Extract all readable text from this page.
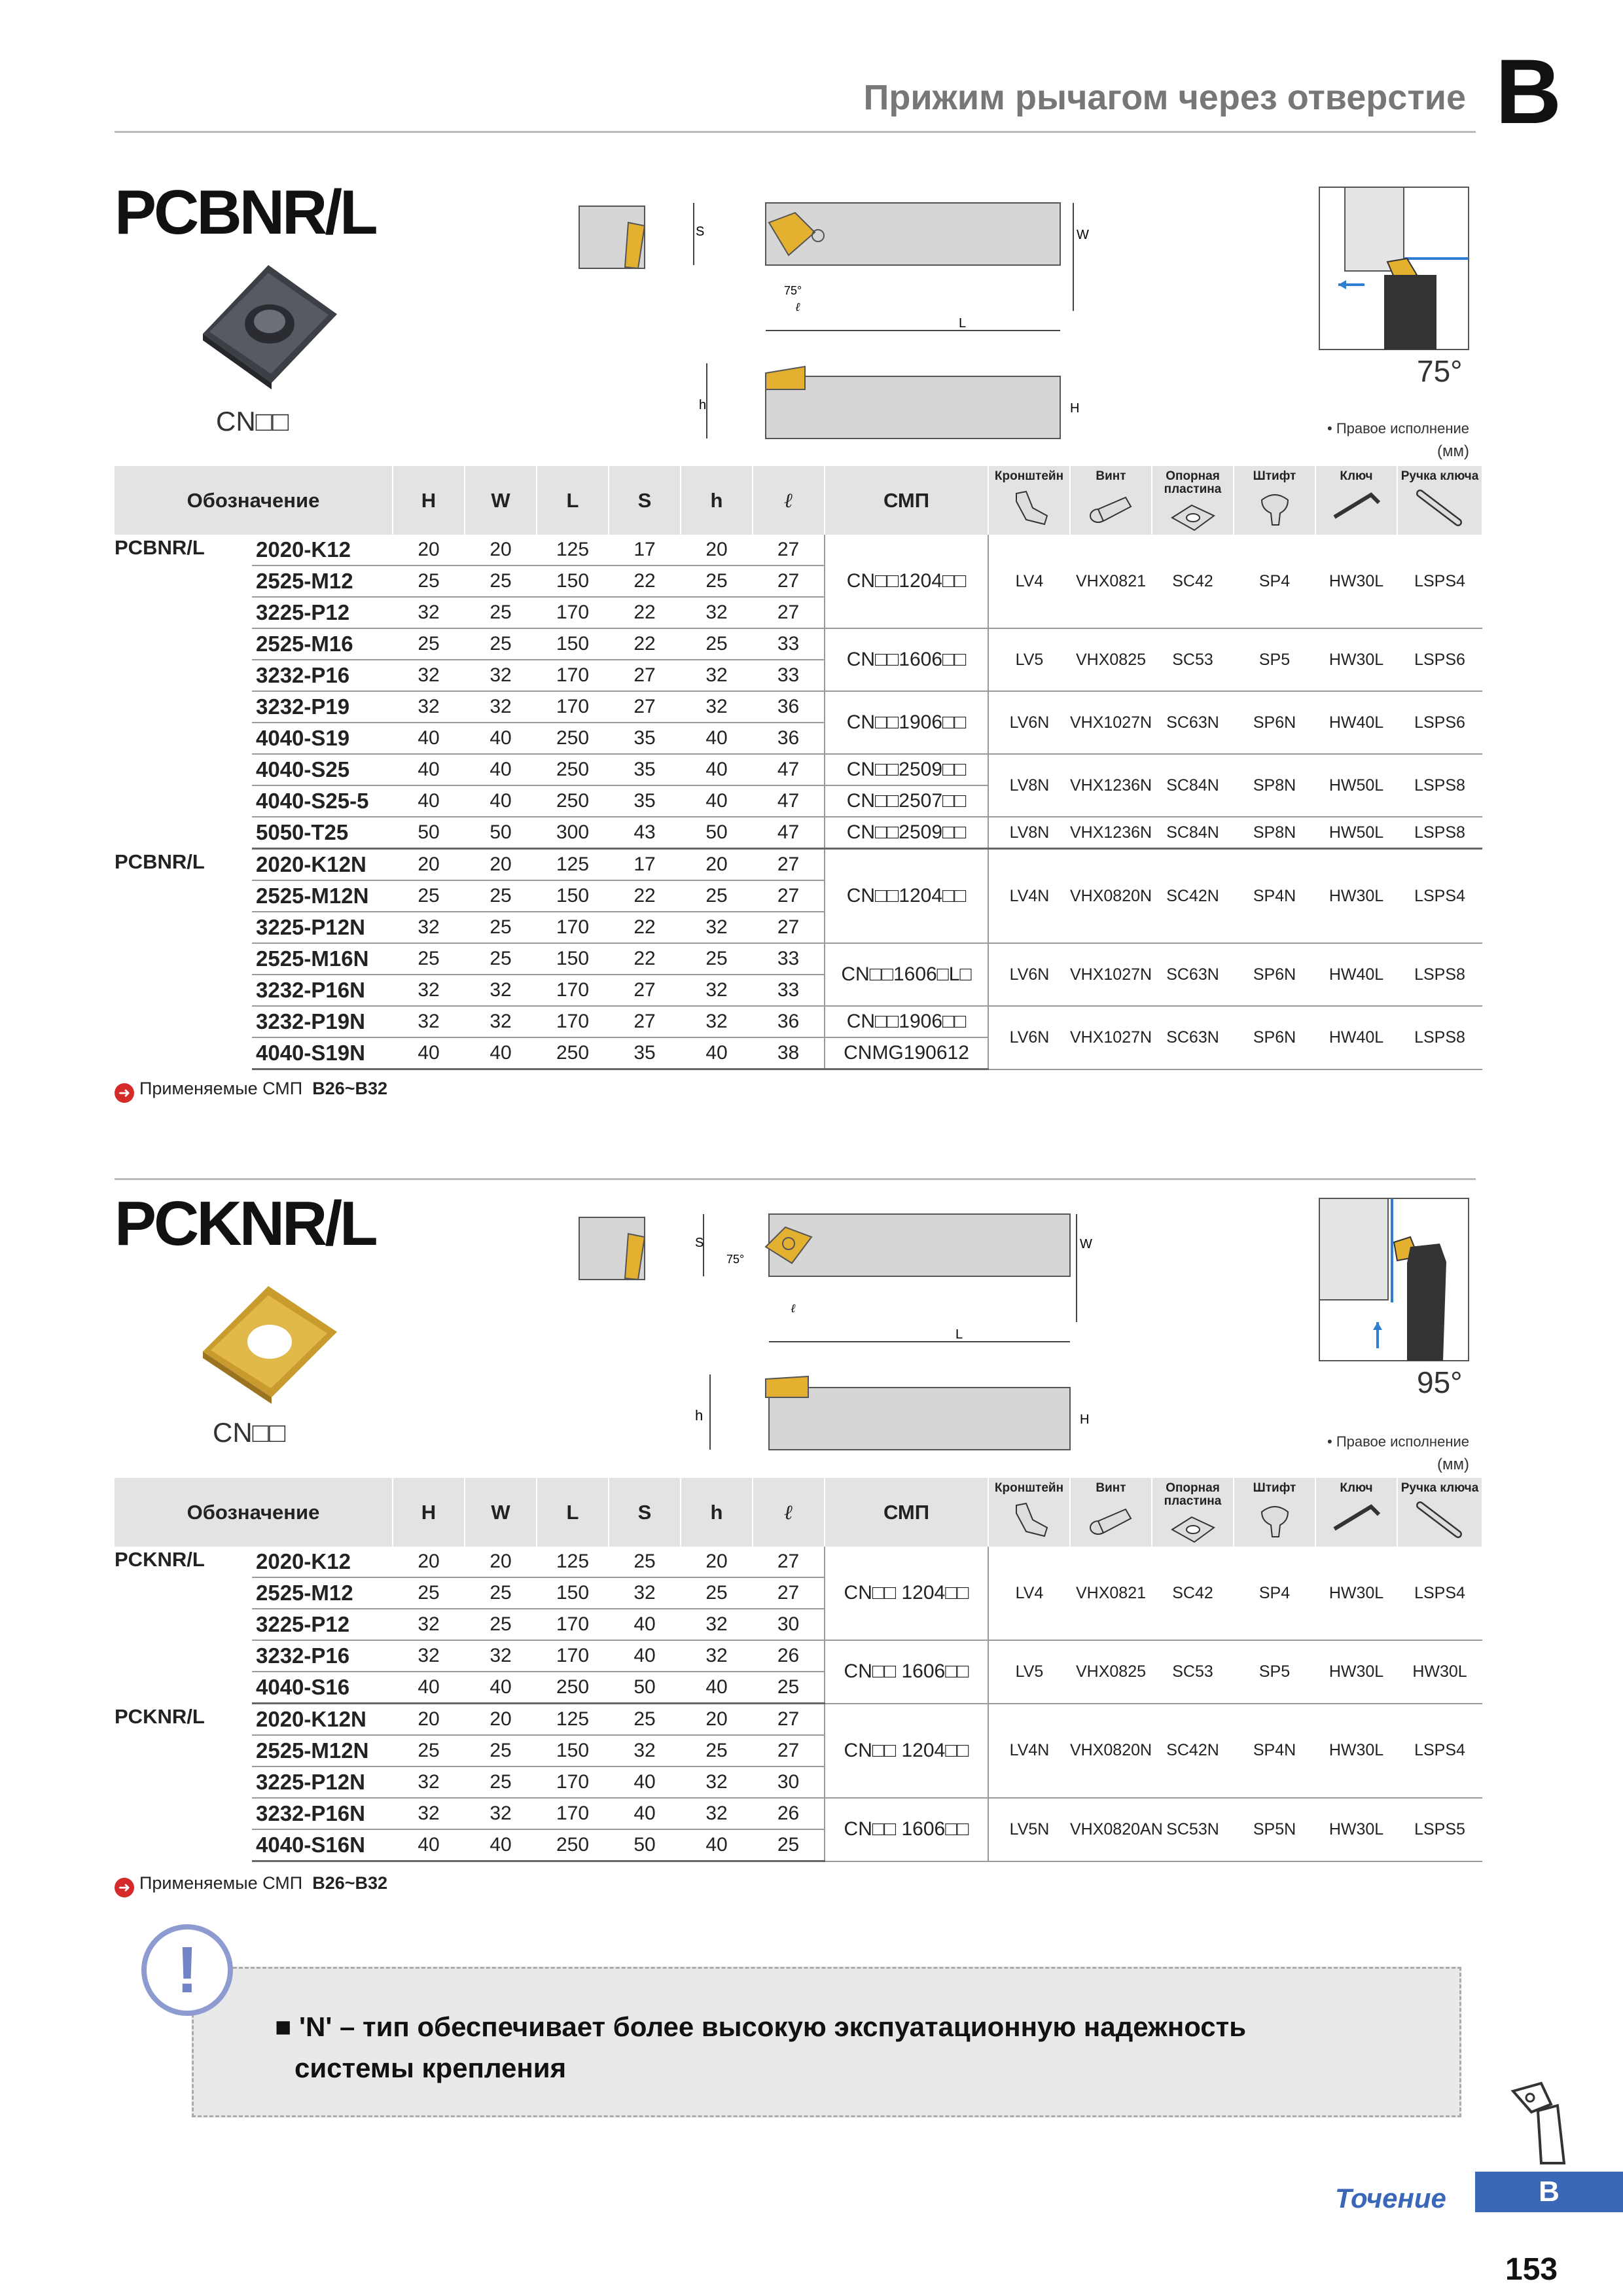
Прижим рычагом через отверстие B
PCBNR/L
CN□□
S	W
75°
ℓ
L
h	H
75°
• Правое исполнение
(мм)
Обозначение		H	W	L	S	h	ℓ	СМП	Кронштейн	Винт	Опорная пластина	Штифт	Ключ	Ручка ключа

PCBNR/L	2020-K12	20	20	125	17	20	27	CN□□1204□□	LV4	VHX0821	SC42	SP4	HW30L	LSPS4
	2525-M12	25	25	150	22	25	27							
	3225-P12	32	25	170	22	32	27							
	2525-M16	25	25	150	22	25	33	CN□□1606□□	LV5	VHX0825	SC53	SP5	HW30L	LSPS6
	3232-P16	32	32	170	27	32	33							
	3232-P19	32	32	170	27	32	36	CN□□1906□□	LV6N	VHX1027N	SC63N	SP6N	HW40L	LSPS6
	4040-S19	40	40	250	35	40	36							
	4040-S25	40	40	250	35	40	47	CN□□2509□□	LV8N	VHX1236N	SC84N	SP8N	HW50L	LSPS8
	4040-S25-5	40	40	250	35	40	47	CN□□2507□□						
	5050-T25	50	50	300	43	50	47	CN□□2509□□	LV8N	VHX1236N	SC84N	SP8N	HW50L	LSPS8
PCBNR/L	2020-K12N	20	20	125	17	20	27	CN□□1204□□	LV4N	VHX0820N	SC42N	SP4N	HW30L	LSPS4
	2525-M12N	25	25	150	22	25	27							
	3225-P12N	32	25	170	22	32	27							
	2525-M16N	25	25	150	22	25	33	CN□□1606□L□	LV6N	VHX1027N	SC63N	SP6N	HW40L	LSPS8
	3232-P16N	32	32	170	27	32	33							
	3232-P19N	32	32	170	27	32	36	CN□□1906□□	LV6N	VHX1027N	SC63N	SP6N	HW40L	LSPS8
	4040-S19N	40	40	250	35	40	38	CNMG190612						
➜ Применяемые СМП B26~B32
PCKNR/L
CN□□
S
75°
W
ℓ
L
h	H
95°
• Правое исполнение
(мм)
Обозначение		H	W	L	S	h	ℓ	СМП	Кронштейн	Винт	Опорная пластина	Штифт	Ключ	Ручка ключа

PCKNR/L	2020-K12	20	20	125	25	20	27	CN□□ 1204□□	LV4	VHX0821	SC42	SP4	HW30L	LSPS4
	2525-M12	25	25	150	32	25	27							
	3225-P12	32	25	170	40	32	30							
	3232-P16	32	32	170	40	32	26	CN□□ 1606□□	LV5	VHX0825	SC53	SP5	HW30L	HW30L
	4040-S16	40	40	250	50	40	25							
PCKNR/L	2020-K12N	20	20	125	25	20	27	CN□□ 1204□□	LV4N	VHX0820N	SC42N	SP4N	HW30L	LSPS4
	2525-M12N	25	25	150	32	25	27							
	3225-P12N	32	25	170	40	32	30							
	3232-P16N	32	32	170	40	32	26	CN□□ 1606□□	LV5N	VHX0820AN	SC53N	SP5N	HW30L	LSPS5
	4040-S16N	40	40	250	50	40	25							
➜ Применяемые СМП B26~B32
!
■ 'N' – тип обеспечивает более высокую экспуатационную надежность
системы крепления
Точение	B
153
